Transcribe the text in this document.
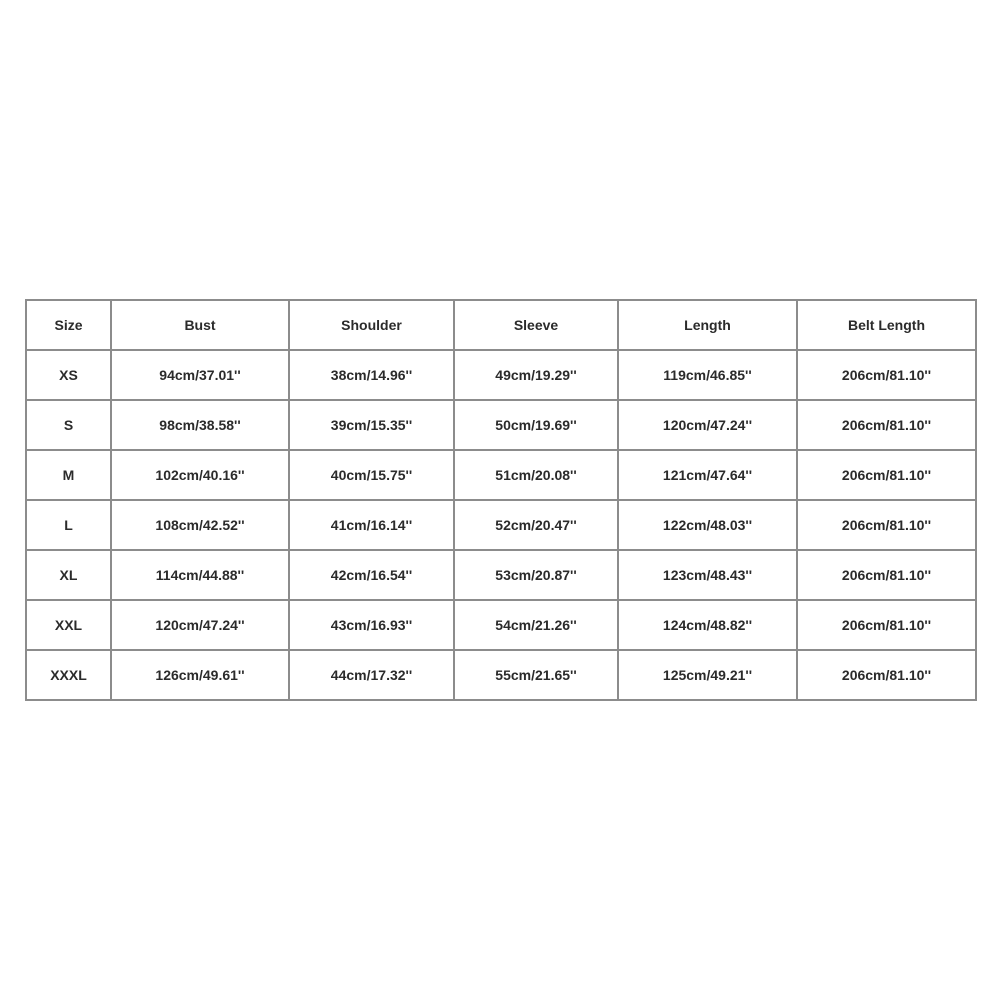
Size	Bust	Shoulder	Sleeve	Length	Belt Length
XS	94cm/37.01''	38cm/14.96''	49cm/19.29''	119cm/46.85''	206cm/81.10''
S	98cm/38.58''	39cm/15.35''	50cm/19.69''	120cm/47.24''	206cm/81.10''
M	102cm/40.16''	40cm/15.75''	51cm/20.08''	121cm/47.64''	206cm/81.10''
L	108cm/42.52''	41cm/16.14''	52cm/20.47''	122cm/48.03''	206cm/81.10''
XL	114cm/44.88''	42cm/16.54''	53cm/20.87''	123cm/48.43''	206cm/81.10''
XXL	120cm/47.24''	43cm/16.93''	54cm/21.26''	124cm/48.82''	206cm/81.10''
XXXL	126cm/49.61''	44cm/17.32''	55cm/21.65''	125cm/49.21''	206cm/81.10''
